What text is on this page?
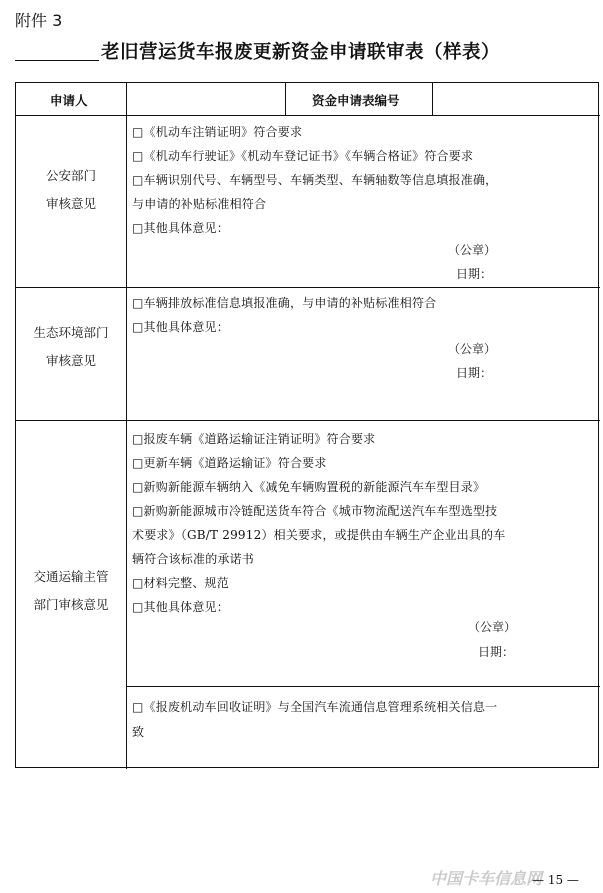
附件 3
老旧营运货车报废更新资金申请联审表（样表）
申请人	资金申请表编号
公安部门
审核意见
□《机动车注销证明》符合要求
□《机动车行驶证》《机动车登记证书》《车辆合格证》符合要求
□车辆识别代号、车辆型号、车辆类型、车辆轴数等信息填报准确，
与申请的补贴标准相符合
□其他具体意见：
（公章）
日期：
生态环境部门
审核意见
□车辆排放标准信息填报准确，与申请的补贴标准相符合
□其他具体意见：
（公章）
日期：
交通运输主管
部门审核意见
□报废车辆《道路运输证注销证明》符合要求
□更新车辆《道路运输证》符合要求
□新购新能源车辆纳入《减免车辆购置税的新能源汽车车型目录》
□新购新能源城市冷链配送货车符合《城市物流配送汽车车型选型技
术要求》（GB/T 29912）相关要求，或提供由车辆生产企业出具的车
辆符合该标准的承诺书
□材料完整、规范
□其他具体意见：
（公章）
日期：
□《报废机动车回收证明》与全国汽车流通信息管理系统相关信息一
致
中国卡车信息网
— 15 —
